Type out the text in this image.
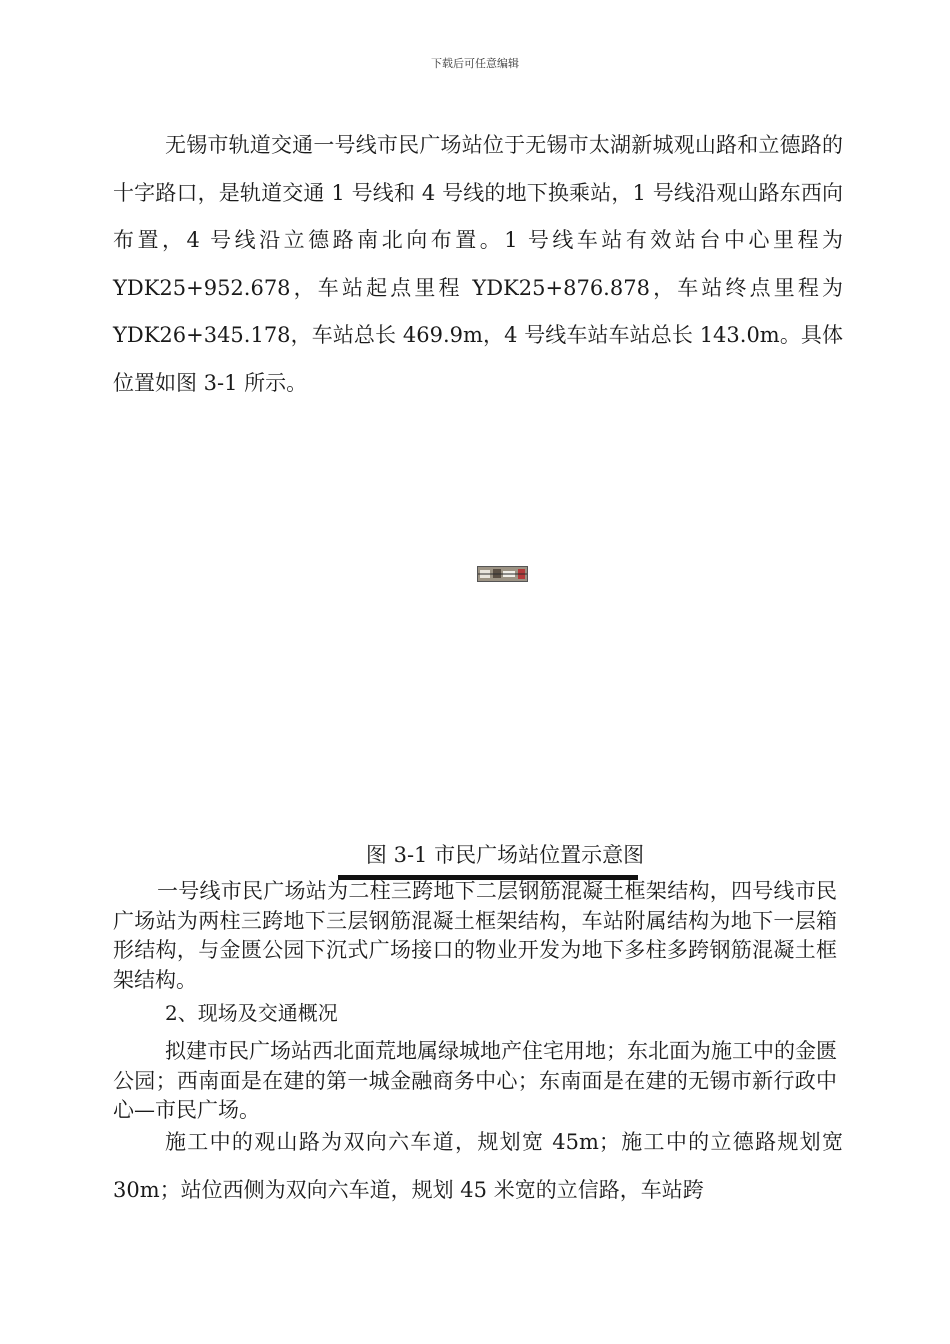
下载后可任意编辑

无锡市轨道交通一号线市民广场站位于无锡市太湖新城观山路和立德路的十字路口，是轨道交通 1 号线和 4 号线的地下换乘站，1 号线沿观山路东西向布置，4 号线沿立德路南北向布置。1 号线车站有效站台中心里程为 YDK25+952.678，车站起点里程 YDK25+876.878，车站终点里程为 YDK26+345.178，车站总长 469.9m，4 号线车站车站总长 143.0m。具体位置如图 3-1 所示。

图 3-1 市民广场站位置示意图

一号线市民广场站为二柱三跨地下二层钢筋混凝土框架结构，四号线市民广场站为两柱三跨地下三层钢筋混凝土框架结构，车站附属结构为地下一层箱形结构，与金匮公园下沉式广场接口的物业开发为地下多柱多跨钢筋混凝土框架结构。

2、现场及交通概况

拟建市民广场站西北面荒地属绿城地产住宅用地；东北面为施工中的金匮公园；西南面是在建的第一城金融商务中心；东南面是在建的无锡市新行政中心—市民广场。

施工中的观山路为双向六车道，规划宽 45m；施工中的立德路规划宽 30m；站位西侧为双向六车道，规划 45 米宽的立信路，车站跨
